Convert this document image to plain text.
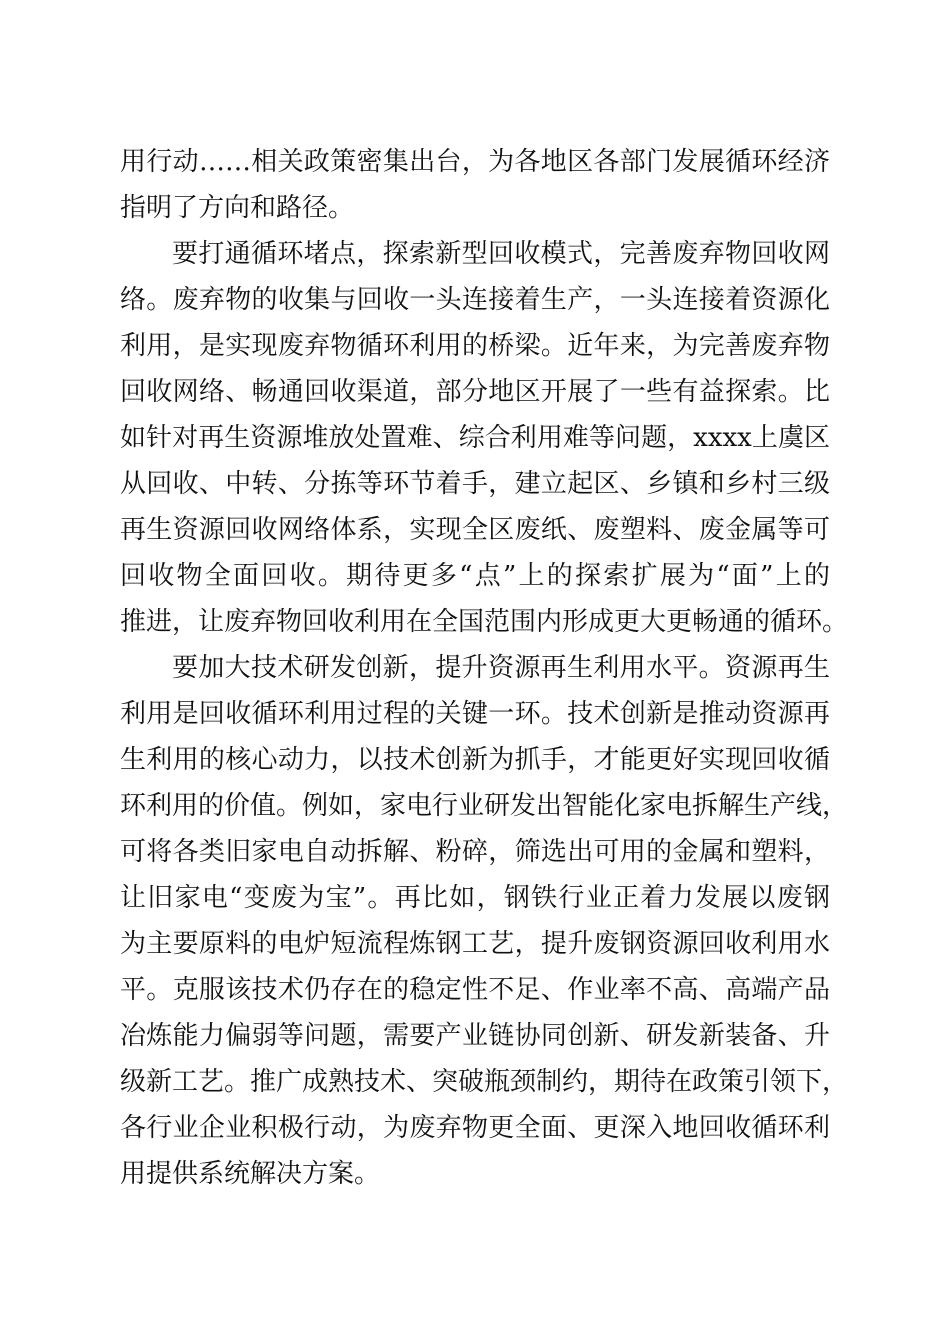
用行动……相关政策密集出台，为各地区各部门发展循环经济
指明了方向和路径。
要打通循环堵点，探索新型回收模式，完善废弃物回收网
络。废弃物的收集与回收一头连接着生产，一头连接着资源化
利用，是实现废弃物循环利用的桥梁。近年来，为完善废弃物
回收网络、畅通回收渠道，部分地区开展了一些有益探索。比
如针对再生资源堆放处置难、综合利用难等问题，xxxx上虞区
从回收、中转、分拣等环节着手，建立起区、乡镇和乡村三级
再生资源回收网络体系，实现全区废纸、废塑料、废金属等可
回收物全面回收。期待更多“点”上的探索扩展为“面”上的
推进，让废弃物回收利用在全国范围内形成更大更畅通的循环。
要加大技术研发创新，提升资源再生利用水平。资源再生
利用是回收循环利用过程的关键一环。技术创新是推动资源再
生利用的核心动力，以技术创新为抓手，才能更好实现回收循
环利用的价值。例如，家电行业研发出智能化家电拆解生产线，
可将各类旧家电自动拆解、粉碎，筛选出可用的金属和塑料，
让旧家电“变废为宝”。再比如，钢铁行业正着力发展以废钢
为主要原料的电炉短流程炼钢工艺，提升废钢资源回收利用水
平。克服该技术仍存在的稳定性不足、作业率不高、高端产品
冶炼能力偏弱等问题，需要产业链协同创新、研发新装备、升
级新工艺。推广成熟技术、突破瓶颈制约，期待在政策引领下，
各行业企业积极行动，为废弃物更全面、更深入地回收循环利
用提供系统解决方案。
